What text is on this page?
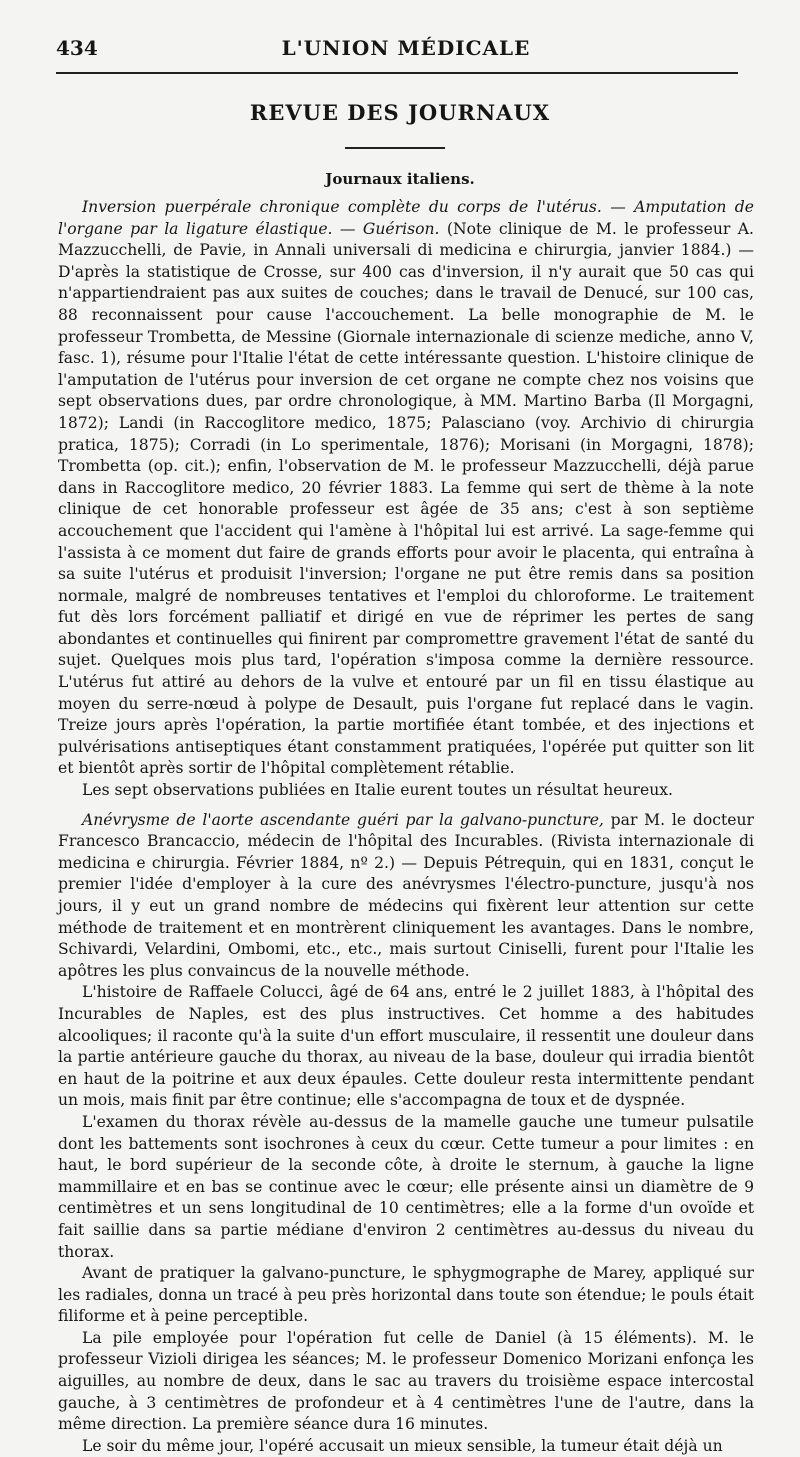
434	L'UNION MÉDICALE
REVUE DES JOURNAUX
Journaux italiens.

Inversion puerpérale chronique complète du corps de l'utérus. — Amputation de l'organe par la ligature élastique. — Guérison. (Note clinique de M. le professeur A. Mazzucchelli, de Pavie, in Annali universali di medicina e chirurgia, janvier 1884.) — D'après la statistique de Crosse, sur 400 cas d'inversion, il n'y aurait que 50 cas qui n'appartiendraient pas aux suites de couches; dans le travail de Denucé, sur 100 cas, 88 reconnaissent pour cause l'accouchement. La belle monographie de M. le professeur Trombetta, de Messine (Giornale internazionale di scienze mediche, anno V, fasc. 1), résume pour l'Italie l'état de cette intéressante question. L'histoire clinique de l'amputation de l'utérus pour inversion de cet organe ne compte chez nos voisins que sept observations dues, par ordre chronologique, à MM. Martino Barba (Il Morgagni, 1872); Landi (in Raccoglitore medico, 1875; Palasciano (voy. Archivio di chirurgia pratica, 1875); Corradi (in Lo sperimentale, 1876); Morisani (in Morgagni, 1878); Trombetta (op. cit.); enfin, l'observation de M. le professeur Mazzucchelli, déjà parue dans in Raccoglitore medico, 20 février 1883. La femme qui sert de thème à la note clinique de cet honorable professeur est âgée de 35 ans; c'est à son septième accouchement que l'accident qui l'amène à l'hôpital lui est arrivé. La sage-femme qui l'assista à ce moment dut faire de grands efforts pour avoir le placenta, qui entraîna à sa suite l'utérus et produisit l'inversion; l'organe ne put être remis dans sa position normale, malgré de nombreuses tentatives et l'emploi du chloroforme. Le traitement fut dès lors forcément palliatif et dirigé en vue de réprimer les pertes de sang abondantes et continuelles qui finirent par compromettre gravement l'état de santé du sujet. Quelques mois plus tard, l'opération s'imposa comme la dernière ressource. L'utérus fut attiré au dehors de la vulve et entouré par un fil en tissu élastique au moyen du serre-nœud à polype de Desault, puis l'organe fut replacé dans le vagin. Treize jours après l'opération, la partie mortifiée étant tombée, et des injections et pulvérisations antiseptiques étant constamment pratiquées, l'opérée put quitter son lit et bientôt après sortir de l'hôpital complètement rétablie.

Les sept observations publiées en Italie eurent toutes un résultat heureux.

Anévrysme de l'aorte ascendante guéri par la galvano-puncture, par M. le docteur Francesco Brancaccio, médecin de l'hôpital des Incurables. (Rivista internazionale di medicina e chirurgia. Février 1884, nº 2.) — Depuis Pétrequin, qui en 1831, conçut le premier l'idée d'employer à la cure des anévrysmes l'électro-puncture, jusqu'à nos jours, il y eut un grand nombre de médecins qui fixèrent leur attention sur cette méthode de traitement et en montrèrent cliniquement les avantages. Dans le nombre, Schivardi, Velardini, Ombomi, etc., etc., mais surtout Ciniselli, furent pour l'Italie les apôtres les plus convaincus de la nouvelle méthode.

L'histoire de Raffaele Colucci, âgé de 64 ans, entré le 2 juillet 1883, à l'hôpital des Incurables de Naples, est des plus instructives. Cet homme a des habitudes alcooliques; il raconte qu'à la suite d'un effort musculaire, il ressentit une douleur dans la partie antérieure gauche du thorax, au niveau de la base, douleur qui irradia bientôt en haut de la poitrine et aux deux épaules. Cette douleur resta intermittente pendant un mois, mais finit par être continue; elle s'accompagna de toux et de dyspnée.

L'examen du thorax révèle au-dessus de la mamelle gauche une tumeur pulsatile dont les battements sont isochrones à ceux du cœur. Cette tumeur a pour limites : en haut, le bord supérieur de la seconde côte, à droite le sternum, à gauche la ligne mammillaire et en bas se continue avec le cœur; elle présente ainsi un diamètre de 9 centimètres et un sens longitudinal de 10 centimètres; elle a la forme d'un ovoïde et fait saillie dans sa partie médiane d'environ 2 centimètres au-dessus du niveau du thorax.

Avant de pratiquer la galvano-puncture, le sphygmographe de Marey, appliqué sur les radiales, donna un tracé à peu près horizontal dans toute son étendue; le pouls était filiforme et à peine perceptible.

La pile employée pour l'opération fut celle de Daniel (à 15 éléments). M. le professeur Vizioli dirigea les séances; M. le professeur Domenico Morizani enfonça les aiguilles, au nombre de deux, dans le sac au travers du troisième espace intercostal gauche, à 3 centimètres de profondeur et à 4 centimètres l'une de l'autre, dans la même direction. La première séance dura 16 minutes.

Le soir du même jour, l'opéré accusait un mieux sensible, la tumeur était déjà un
